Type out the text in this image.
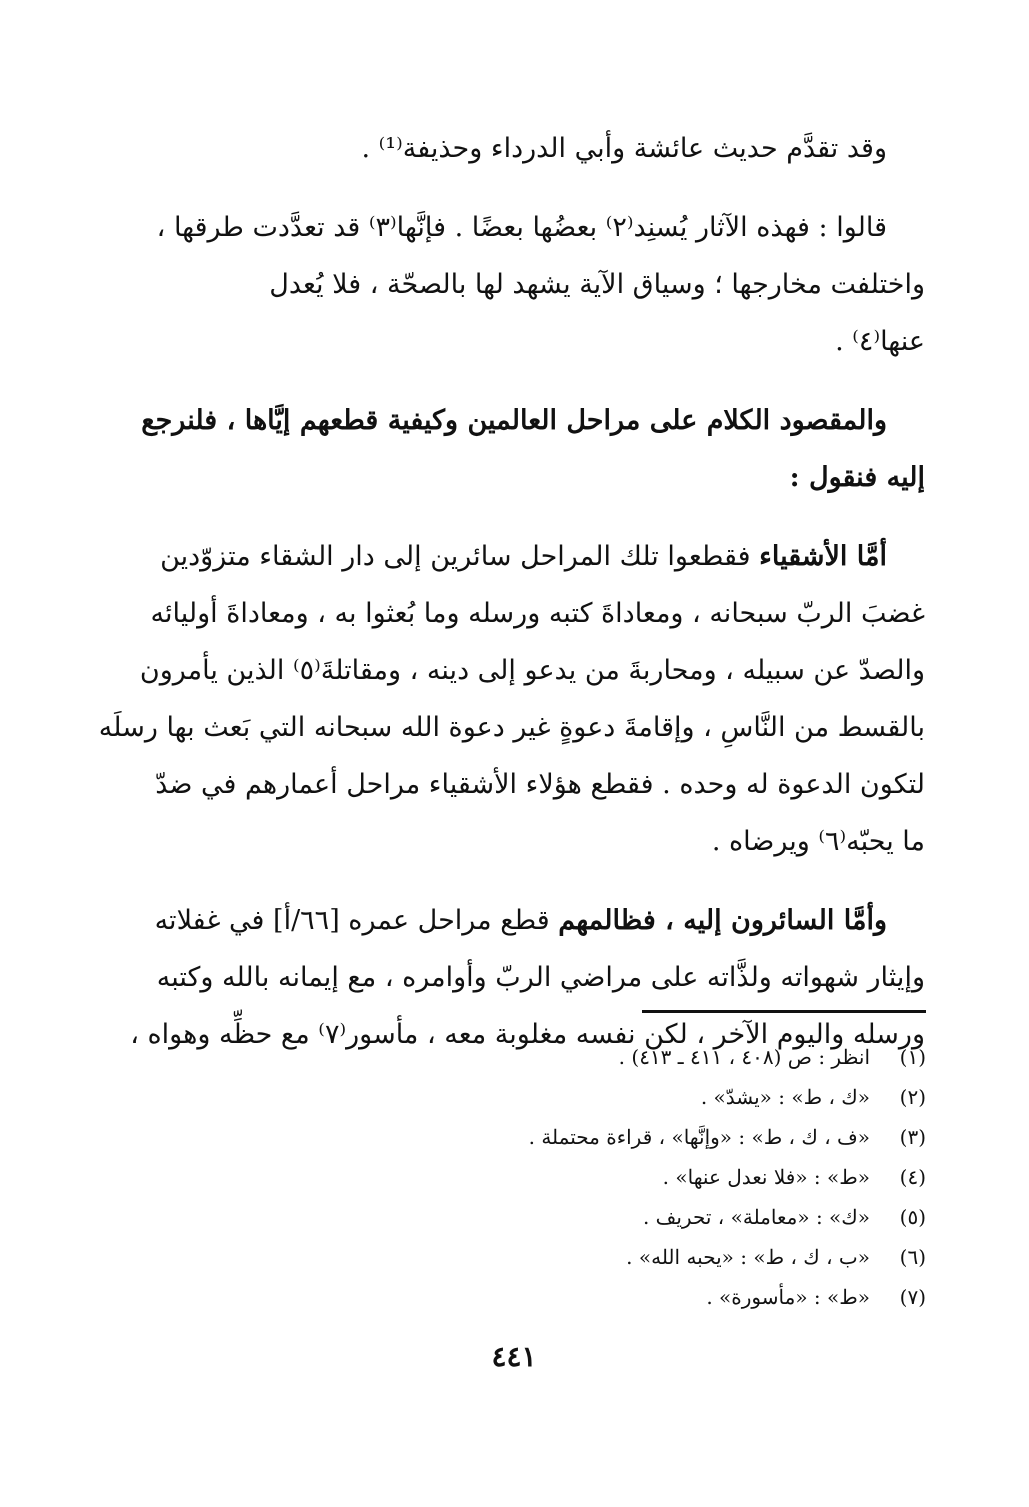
وقد تقدَّم حديث عائشة وأبي الدرداء وحذيفة⁽¹⁾ .

قالوا : فهذه الآثار يُسنِد⁽٢⁾ بعضُها بعضًا . فإنَّها⁽٣⁾ قد تعدَّدت طرقها ،
واختلفت مخارجها ؛ وسياق الآية يشهد لها بالصحّة ، فلا يُعدل
عنها⁽٤⁾ .

والمقصود الكلام على مراحل العالمين وكيفية قطعهم إيَّاها ، فلنرجع
إليه فنقول :

أمَّا الأشقياء فقطعوا تلك المراحل سائرين إلى دار الشقاء متزوّدين
غضبَ الربّ سبحانه ، ومعاداةَ كتبه ورسله وما بُعثوا به ، ومعاداةَ أوليائه
والصدّ عن سبيله ، ومحاربةَ من يدعو إلى دينه ، ومقاتلةَ⁽٥⁾ الذين يأمرون
بالقسط من النَّاسِ ، وإقامةَ دعوةٍ غير دعوة الله سبحانه التي بَعث بها رسلَه
لتكون الدعوة له وحده . فقطع هؤلاء الأشقياء مراحل أعمارهم في ضدّ
ما يحبّه⁽٦⁾ ويرضاه .

وأمَّا السائرون إليه ، فظالمهم قطع مراحل عمره [٦٦/أ] في غفلاته
وإيثار شهواته ولذَّاته على مراضي الربّ وأوامره ، مع إيمانه بالله وكتبه
ورسله واليوم الآخر ، لكن نفسه مغلوبة معه ، مأسور⁽٧⁾ مع حظِّه وهواه ،

(١)انظر : ص (٤٠٨ ، ٤١١ ـ ٤١٣) .
(٢)«ك ، ط» : «يشدّ» .
(٣)«ف ، ك ، ط» : «وإنَّها» ، قراءة محتملة .
(٤)«ط» : «فلا نعدل عنها» .
(٥)«ك» : «معاملة» ، تحريف .
(٦)«ب ، ك ، ط» : «يحبه الله» .
(٧)«ط» : «مأسورة» .
٤٤١
